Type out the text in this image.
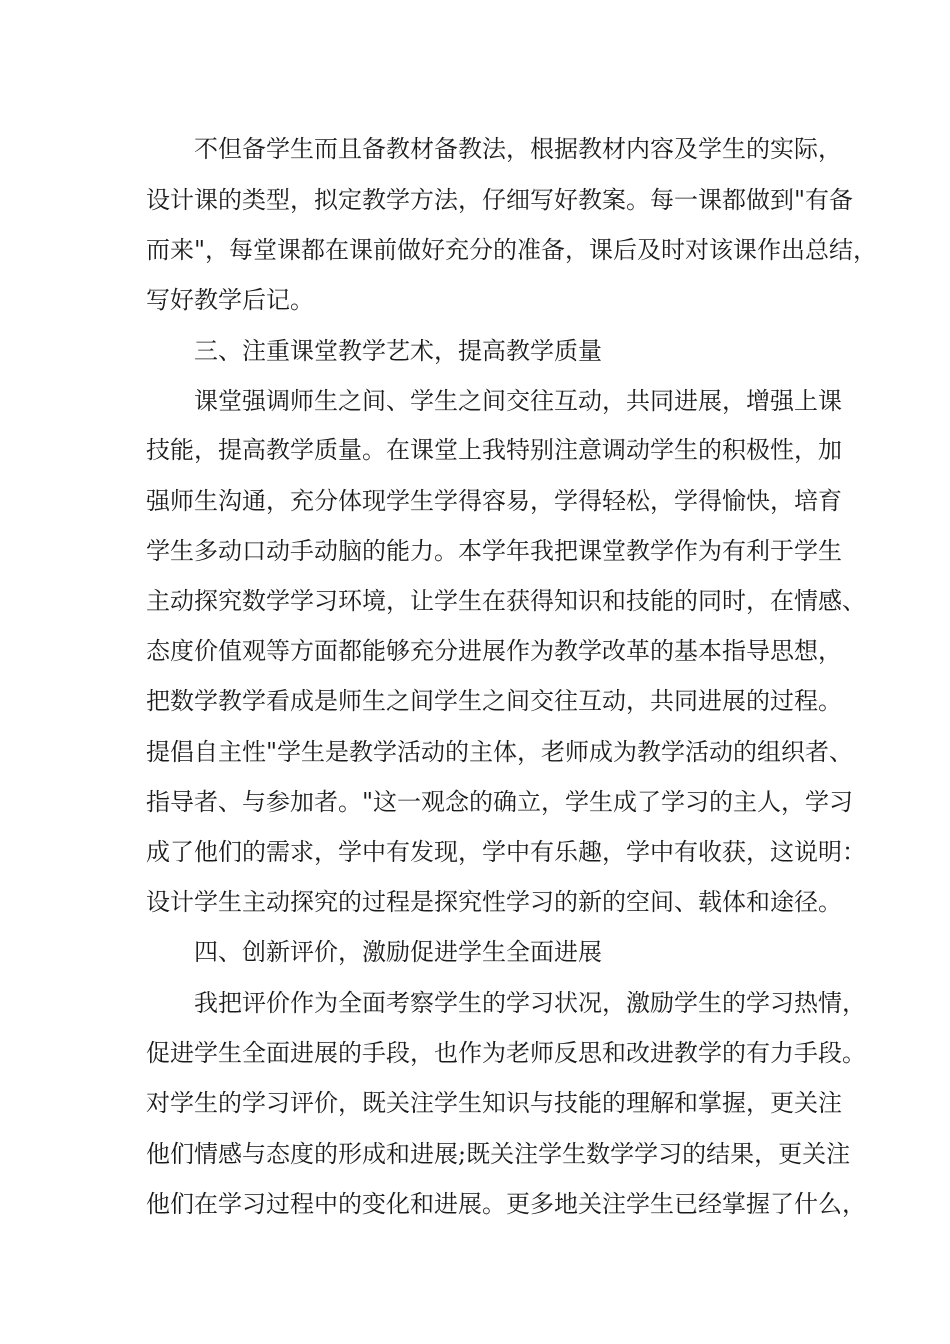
不但备学生而且备教材备教法，根据教材内容及学生的实际，
设计课的类型，拟定教学方法，仔细写好教案。每一课都做到"有备
而来"，每堂课都在课前做好充分的准备，课后及时对该课作出总结，
写好教学后记。
三、注重课堂教学艺术，提高教学质量
课堂强调师生之间、学生之间交往互动，共同进展，增强上课
技能，提高教学质量。在课堂上我特别注意调动学生的积极性，加
强师生沟通，充分体现学生学得容易，学得轻松，学得愉快，培育
学生多动口动手动脑的能力。本学年我把课堂教学作为有利于学生
主动探究数学学习环境，让学生在获得知识和技能的同时，在情感、
态度价值观等方面都能够充分进展作为教学改革的基本指导思想，
把数学教学看成是师生之间学生之间交往互动，共同进展的过程。
提倡自主性"学生是教学活动的主体，老师成为教学活动的组织者、
指导者、与参加者。"这一观念的确立，学生成了学习的主人，学习
成了他们的需求，学中有发现，学中有乐趣，学中有收获，这说明：
设计学生主动探究的过程是探究性学习的新的空间、载体和途径。
四、创新评价，激励促进学生全面进展
我把评价作为全面考察学生的学习状况，激励学生的学习热情，
促进学生全面进展的手段，也作为老师反思和改进教学的有力手段。
对学生的学习评价，既关注学生知识与技能的理解和掌握，更关注
他们情感与态度的形成和进展;既关注学生数学学习的结果，更关注
他们在学习过程中的变化和进展。更多地关注学生已经掌握了什么，
